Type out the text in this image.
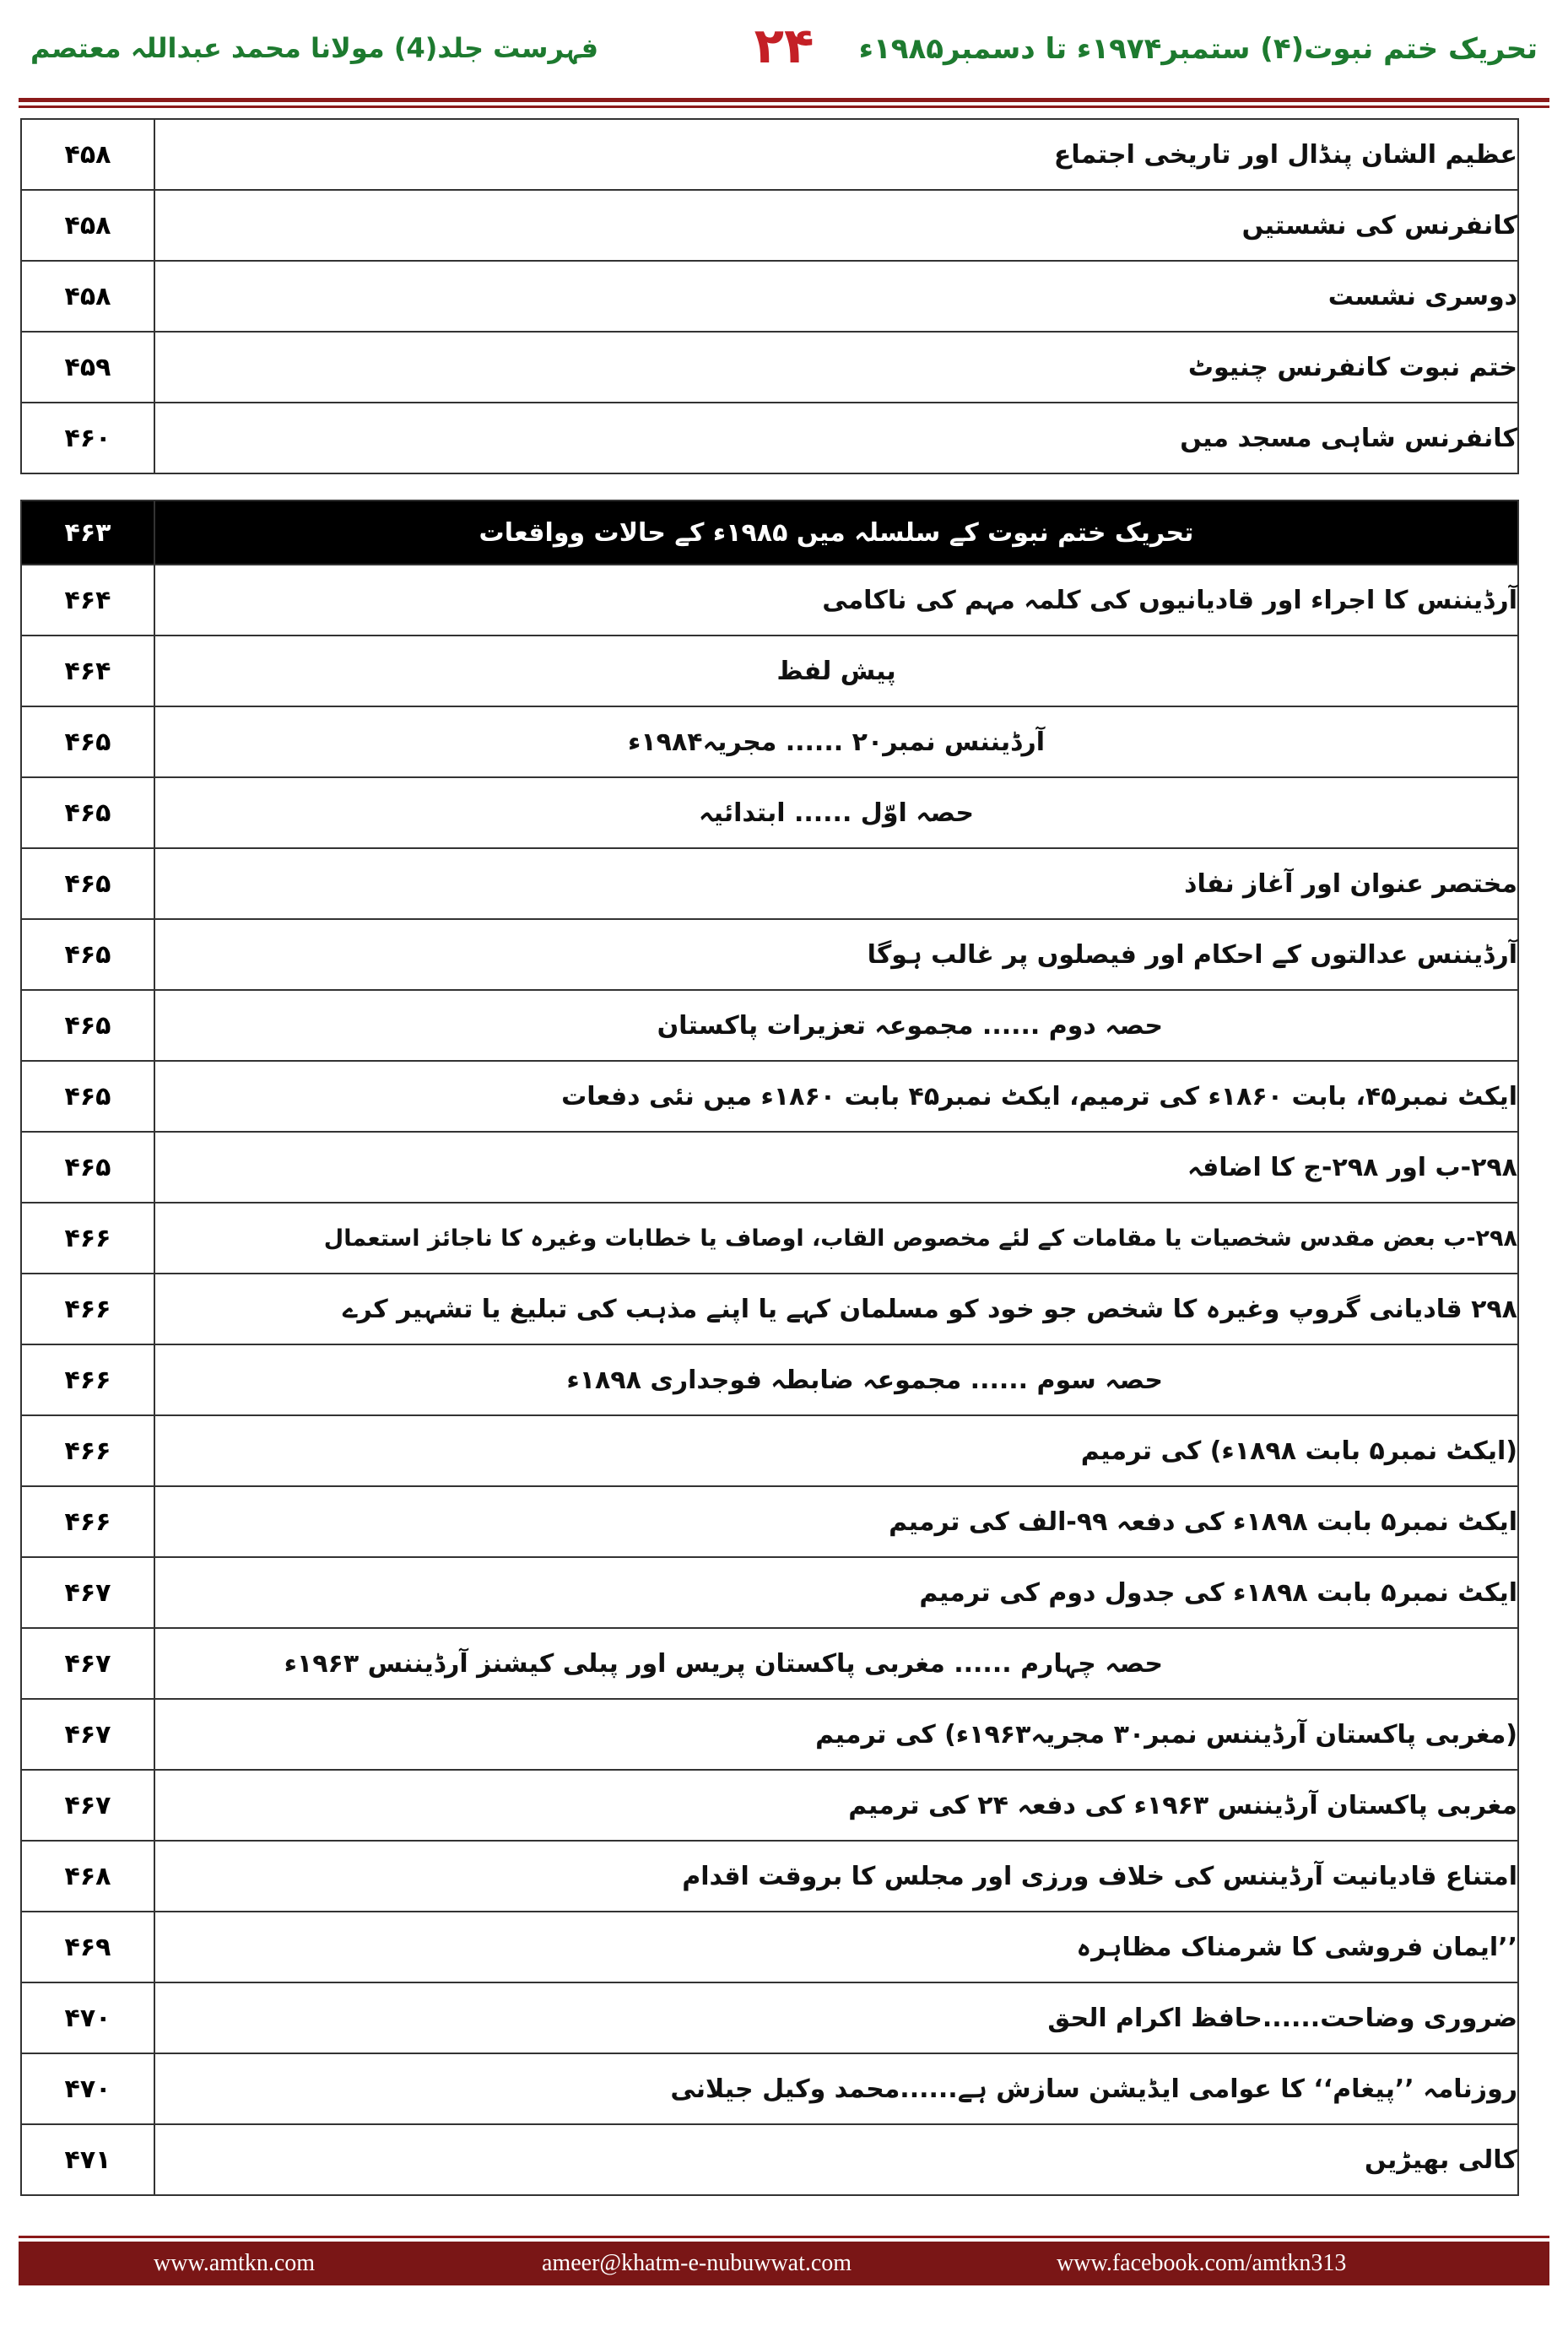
تحریک ختم نبوت(۴) ستمبر۱۹۷۴ء تا دسمبر۱۹۸۵ء
۲۴
فہرست جلد(4) مولانا محمد عبداللہ معتصم
۴۵۸	عظیم الشان پنڈال اور تاریخی اجتماع
۴۵۸	کانفرنس کی نشستیں
۴۵۸	دوسری نشست
۴۵۹	ختم نبوت کانفرنس چنیوٹ
۴۶۰	کانفرنس شاہی مسجد میں

۴۶۳	تحریک ختم نبوت کے سلسلہ میں ۱۹۸۵ء کے حالات وواقعات
۴۶۴	آرڈیننس کا اجراء اور قادیانیوں کی کلمہ مہم کی ناکامی
۴۶۴	پیش لفظ
۴۶۵	آرڈیننس نمبر۲۰ ...... مجریہ۱۹۸۴ء
۴۶۵	حصہ اوّل ...... ابتدائیہ
۴۶۵	مختصر عنوان اور آغاز نفاذ
۴۶۵	آرڈیننس عدالتوں کے احکام اور فیصلوں پر غالب ہوگا
۴۶۵	حصہ دوم ...... مجموعہ تعزیرات پاکستان
۴۶۵	ایکٹ نمبر۴۵، بابت ۱۸۶۰ء کی ترمیم، ایکٹ نمبر۴۵ بابت ۱۸۶۰ء میں نئی دفعات
۴۶۵	۲۹۸-ب اور ۲۹۸-ج کا اضافہ
۴۶۶	۲۹۸-ب بعض مقدس شخصیات یا مقامات کے لئے مخصوص القاب، اوصاف یا خطابات وغیرہ کا ناجائز استعمال
۴۶۶	۲۹۸ قادیانی گروپ وغیرہ کا شخص جو خود کو مسلمان کہے یا اپنے مذہب کی تبلیغ یا تشہیر کرے
۴۶۶	حصہ سوم ...... مجموعہ ضابطہ فوجداری ۱۸۹۸ء
۴۶۶	(ایکٹ نمبر۵ بابت ۱۸۹۸ء) کی ترمیم
۴۶۶	ایکٹ نمبر۵ بابت ۱۸۹۸ء کی دفعہ ۹۹-الف کی ترمیم
۴۶۷	ایکٹ نمبر۵ بابت ۱۸۹۸ء کی جدول دوم کی ترمیم
۴۶۷	حصہ چہارم ...... مغربی پاکستان پریس اور پبلی کیشنز آرڈیننس ۱۹۶۳ء
۴۶۷	(مغربی پاکستان آرڈیننس نمبر۳۰ مجریہ۱۹۶۳ء) کی ترمیم
۴۶۷	مغربی پاکستان آرڈیننس ۱۹۶۳ء کی دفعہ ۲۴ کی ترمیم
۴۶۸	امتناع قادیانیت آرڈیننس کی خلاف ورزی اور مجلس کا بروقت اقدام
۴۶۹	’’ایمان فروشی کا شرمناک مظاہرہ
۴۷۰	ضروری وضاحت......حافظ اکرام الحق
۴۷۰	روزنامہ ’’پیغام‘‘ کا عوامی ایڈیشن سازش ہے......محمد وکیل جیلانی
۴۷۱	کالی بھیڑیں
www.amtkn.com	ameer@khatm-e-nubuwwat.com	www.facebook.com/amtkn313
